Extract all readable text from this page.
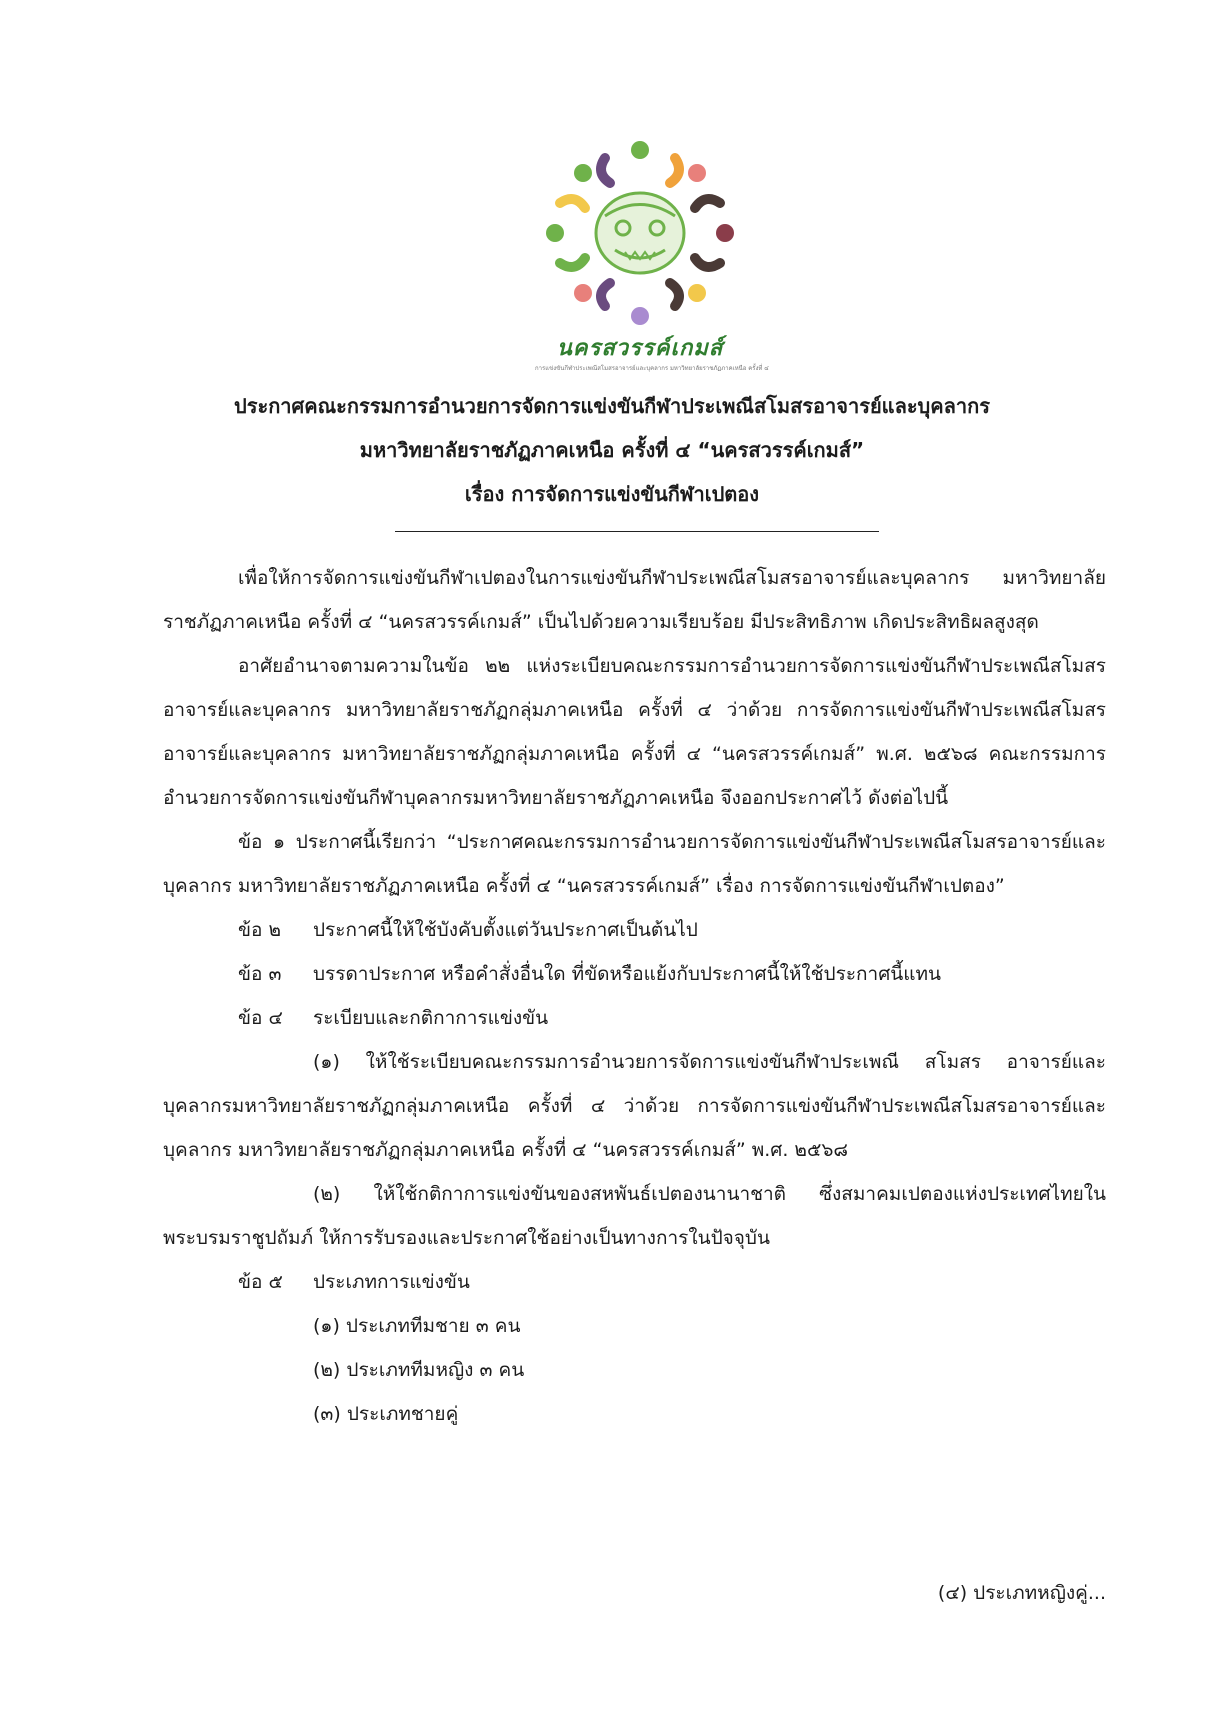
นครสวรรค์เกมส์
การแข่งขันกีฬาประเพณีสโมสรอาจารย์และบุคลากร มหาวิทยาลัยราชภัฏภาคเหนือ ครั้งที่ ๔
ประกาศคณะกรรมการอำนวยการจัดการแข่งขันกีฬาประเพณีสโมสรอาจารย์และบุคลากร
มหาวิทยาลัยราชภัฏภาคเหนือ ครั้งที่ ๔ “นครสวรรค์เกมส์”
เรื่อง การจัดการแข่งขันกีฬาเปตอง
เพื่อให้การจัดการแข่งขันกีฬาเปตองในการแข่งขันกีฬาประเพณีสโมสรอาจารย์และบุคลากร มหาวิทยาลัยราชภัฏภาคเหนือ ครั้งที่ ๔ “นครสวรรค์เกมส์” เป็นไปด้วยความเรียบร้อย มีประสิทธิภาพ เกิดประสิทธิผลสูงสุด
อาศัยอำนาจตามความในข้อ ๒๒ แห่งระเบียบคณะกรรมการอำนวยการจัดการแข่งขันกีฬาประเพณีสโมสรอาจารย์และบุคลากร มหาวิทยาลัยราชภัฏกลุ่มภาคเหนือ ครั้งที่ ๔ ว่าด้วย การจัดการแข่งขันกีฬาประเพณีสโมสรอาจารย์และบุคลากร มหาวิทยาลัยราชภัฏกลุ่มภาคเหนือ ครั้งที่ ๔ “นครสวรรค์เกมส์” พ.ศ. ๒๕๖๘ คณะกรรมการอำนวยการจัดการแข่งขันกีฬาบุคลากรมหาวิทยาลัยราชภัฏภาคเหนือ จึงออกประกาศไว้ ดังต่อไปนี้
ข้อ ๑ ประกาศนี้เรียกว่า “ประกาศคณะกรรมการอำนวยการจัดการแข่งขันกีฬาประเพณีสโมสรอาจารย์และบุคลากร มหาวิทยาลัยราชภัฏภาคเหนือ ครั้งที่ ๔ “นครสวรรค์เกมส์” เรื่อง การจัดการแข่งขันกีฬาเปตอง”
ข้อ ๒ ประกาศนี้ให้ใช้บังคับตั้งแต่วันประกาศเป็นต้นไป
ข้อ ๓ บรรดาประกาศ หรือคำสั่งอื่นใด ที่ขัดหรือแย้งกับประกาศนี้ให้ใช้ประกาศนี้แทน
ข้อ ๔ ระเบียบและกติกาการแข่งขัน
(๑) ให้ใช้ระเบียบคณะกรรมการอำนวยการจัดการแข่งขันกีฬาประเพณี สโมสร อาจารย์และบุคลากรมหาวิทยาลัยราชภัฏกลุ่มภาคเหนือ ครั้งที่ ๔ ว่าด้วย การจัดการแข่งขันกีฬาประเพณีสโมสรอาจารย์และบุคลากร มหาวิทยาลัยราชภัฏกลุ่มภาคเหนือ ครั้งที่ ๔ “นครสวรรค์เกมส์” พ.ศ. ๒๕๖๘
(๒) ให้ใช้กติกาการแข่งขันของสหพันธ์เปตองนานาชาติ ซึ่งสมาคมเปตองแห่งประเทศไทยในพระบรมราชูปถัมภ์ ให้การรับรองและประกาศใช้อย่างเป็นทางการในปัจจุบัน
ข้อ ๕ ประเภทการแข่งขัน
(๑) ประเภททีมชาย ๓ คน
(๒) ประเภททีมหญิง ๓ คน
(๓) ประเภทชายคู่
(๔) ประเภทหญิงคู่...
